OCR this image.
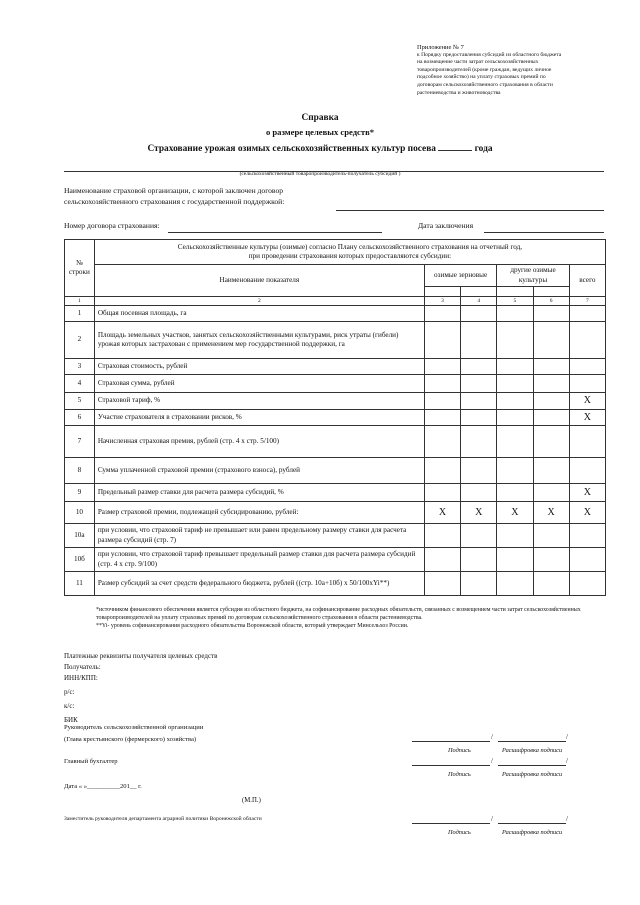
Приложение № 7
к Порядку предоставления субсидий из областного бюджета
на возмещение части затрат сельскохозяйственных
товаропроизводителей (кроме граждан, ведущих личное
подсобное хозяйство) на уплату страховых премий по
договорам сельскохозяйственного страхования в области
растениеводства и животноводства
Справка
о размере целевых средств*
Страхование урожая озимых сельскохозяйственных культур посева	года
(сельскохозяйственный товаропроизводитель-получатель субсидий )
Наименование страховой организации, с которой заключен договор
сельскохозяйственного страхования с государственной поддержкой:
Номер договора страхования:	Дата заключения
№ строки	Сельскохозяйственные культуры (озимые) согласно Плану сельскохозяйственного страхования на отчетный год,
при проведении страхования которых предоставляются субсидии:					

	Наименование показателя	озимые зерновые		другие озимые культуры		всего

1	2	3	4	5	6	7
1	Общая посевная площадь, га					
2	Площадь земельных участков, занятых сельскохозяйственными культурами, риск утраты (гибели) урожая которых застрахован с применением мер государственной поддержки, га					
3	Страховая стоимость, рублей					
4	Страховая сумма, рублей					
5	Страховой тариф, %					Х
6	Участие страхователя в страховании рисков, %					Х
7	Начисленная страховая премия, рублей (стр. 4 х стр. 5/100)					
8	Сумма уплаченной страховой премии (страхового взноса), рублей					
9	Предельный размер ставки для расчета размера субсидий, %					Х
10	Размер страховой премии, подлежащей субсидированию, рублей:	Х	Х	Х	Х	Х
10а	при условии, что страховой тариф не превышает или равен предельному размеру ставки для расчета размера субсидий (стр. 7)					
10б	при условии, что страховой тариф превышает предельный размер ставки для расчета размера субсидий (стр. 4 х стр. 9/100)					
11	Размер субсидий за счет средств федерального бюджета, рублей ((стр. 10а+10б) х 50/100хYi**)					
*источником финансового обеспечения является субсидия из областного бюджета, на софинансирование расходных обязательств, связанных с возмещением части затрат сельскохозяйственных товаропроизводителей на уплату страховых премий по договорам сельскохозяйственного страхования в области растениеводства.
**Yi- уровень софинансирования расходного обязательства Воронежской области, который утверждает Минсельхоз России.
Платежные реквизиты получателя целевых средств
Получатель:
ИНН/КПП:
р/с:
к/с:
БИК
Руководитель сельскохозяйственной организации
(Глава крестьянского (фермерского) хозяйства)	/	/
Подпись	Расшифровка подписи
Главный бухгалтер	/	/
Подпись	Расшифровка подписи
Дата « »__________201__ г.
(М.П.)
Заместитель руководителя департамента аграрной политики Воронежской области	/	/
Подпись	Расшифровка подписи
